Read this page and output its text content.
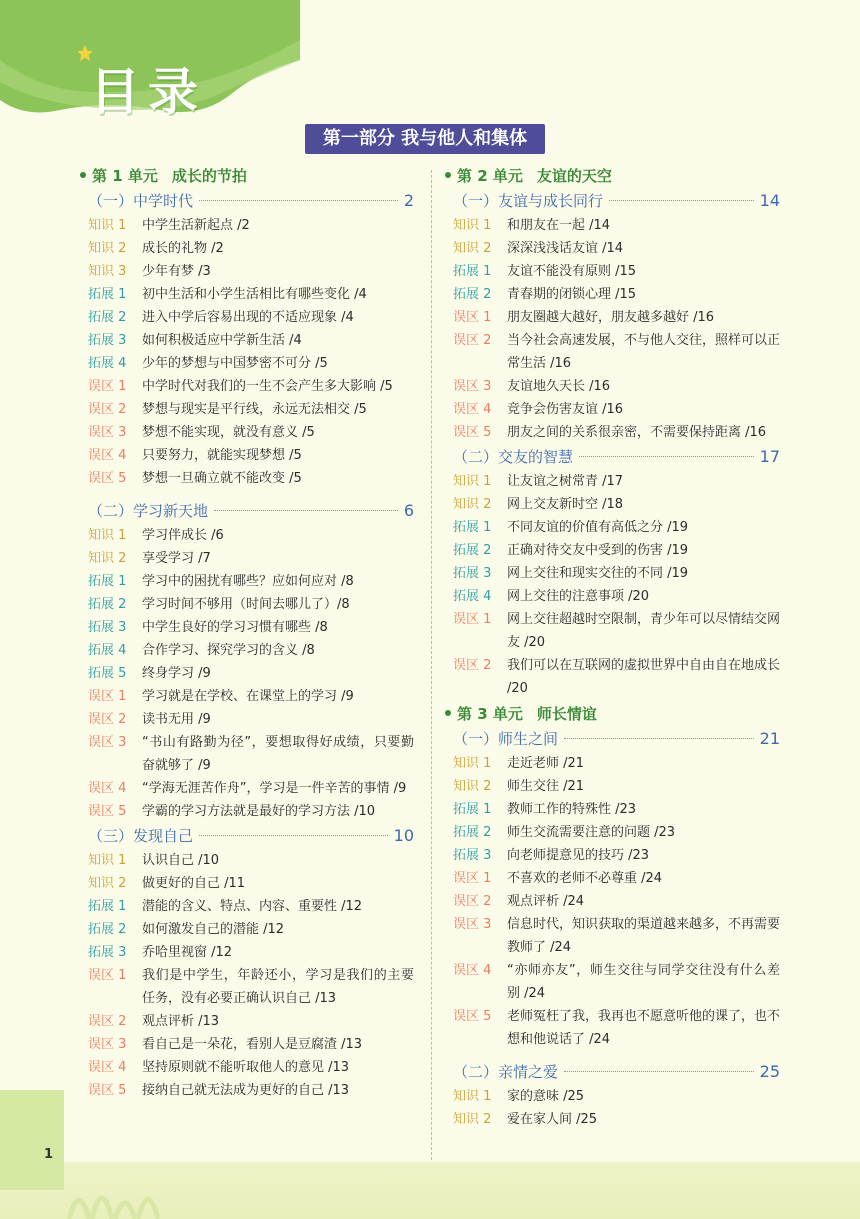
目录
第一部分 我与他人和集体
第 1 单元 成长的节拍
（一）中学时代	2
知识 1	中学生活新起点 /2
知识 2	成长的礼物 /2
知识 3	少年有梦 /3
拓展 1	初中生活和小学生活相比有哪些变化 /4
拓展 2	进入中学后容易出现的不适应现象 /4
拓展 3	如何积极适应中学新生活 /4
拓展 4	少年的梦想与中国梦密不可分 /5
误区 1	中学时代对我们的一生不会产生多大影响 /5
误区 2	梦想与现实是平行线，永远无法相交 /5
误区 3	梦想不能实现，就没有意义 /5
误区 4	只要努力，就能实现梦想 /5
误区 5	梦想一旦确立就不能改变 /5
（二）学习新天地	6
知识 1	学习伴成长 /6
知识 2	享受学习 /7
拓展 1	学习中的困扰有哪些？应如何应对 /8
拓展 2	学习时间不够用（时间去哪儿了）/8
拓展 3	中学生良好的学习习惯有哪些 /8
拓展 4	合作学习、探究学习的含义 /8
拓展 5	终身学习 /9
误区 1	学习就是在学校、在课堂上的学习 /9
误区 2	读书无用 /9
误区 3	“书山有路勤为径”，要想取得好成绩，只要勤奋就够了 /9
误区 4	“学海无涯苦作舟”，学习是一件辛苦的事情 /9
误区 5	学霸的学习方法就是最好的学习方法 /10
（三）发现自己	10
知识 1	认识自己 /10
知识 2	做更好的自己 /11
拓展 1	潜能的含义、特点、内容、重要性 /12
拓展 2	如何激发自己的潜能 /12
拓展 3	乔哈里视窗 /12
误区 1	我们是中学生，年龄还小，学习是我们的主要任务，没有必要正确认识自己 /13
误区 2	观点评析 /13
误区 3	看自己是一朵花，看别人是豆腐渣 /13
误区 4	坚持原则就不能听取他人的意见 /13
误区 5	接纳自己就无法成为更好的自己 /13
第 2 单元 友谊的天空
（一）友谊与成长同行	14
知识 1	和朋友在一起 /14
知识 2	深深浅浅话友谊 /14
拓展 1	友谊不能没有原则 /15
拓展 2	青春期的闭锁心理 /15
误区 1	朋友圈越大越好，朋友越多越好 /16
误区 2	当今社会高速发展，不与他人交往，照样可以正常生活 /16
误区 3	友谊地久天长 /16
误区 4	竞争会伤害友谊 /16
误区 5	朋友之间的关系很亲密，不需要保持距离 /16
（二）交友的智慧	17
知识 1	让友谊之树常青 /17
知识 2	网上交友新时空 /18
拓展 1	不同友谊的价值有高低之分 /19
拓展 2	正确对待交友中受到的伤害 /19
拓展 3	网上交往和现实交往的不同 /19
拓展 4	网上交往的注意事项 /20
误区 1	网上交往超越时空限制，青少年可以尽情结交网友 /20
误区 2	我们可以在互联网的虚拟世界中自由自在地成长 /20
第 3 单元 师长情谊
（一）师生之间	21
知识 1	走近老师 /21
知识 2	师生交往 /21
拓展 1	教师工作的特殊性 /23
拓展 2	师生交流需要注意的问题 /23
拓展 3	向老师提意见的技巧 /23
误区 1	不喜欢的老师不必尊重 /24
误区 2	观点评析 /24
误区 3	信息时代，知识获取的渠道越来越多，不再需要教师了 /24
误区 4	“亦师亦友”，师生交往与同学交往没有什么差别 /24
误区 5	老师冤枉了我，我再也不愿意听他的课了，也不想和他说话了 /24
（二）亲情之爱	25
知识 1	家的意味 /25
知识 2	爱在家人间 /25
1
